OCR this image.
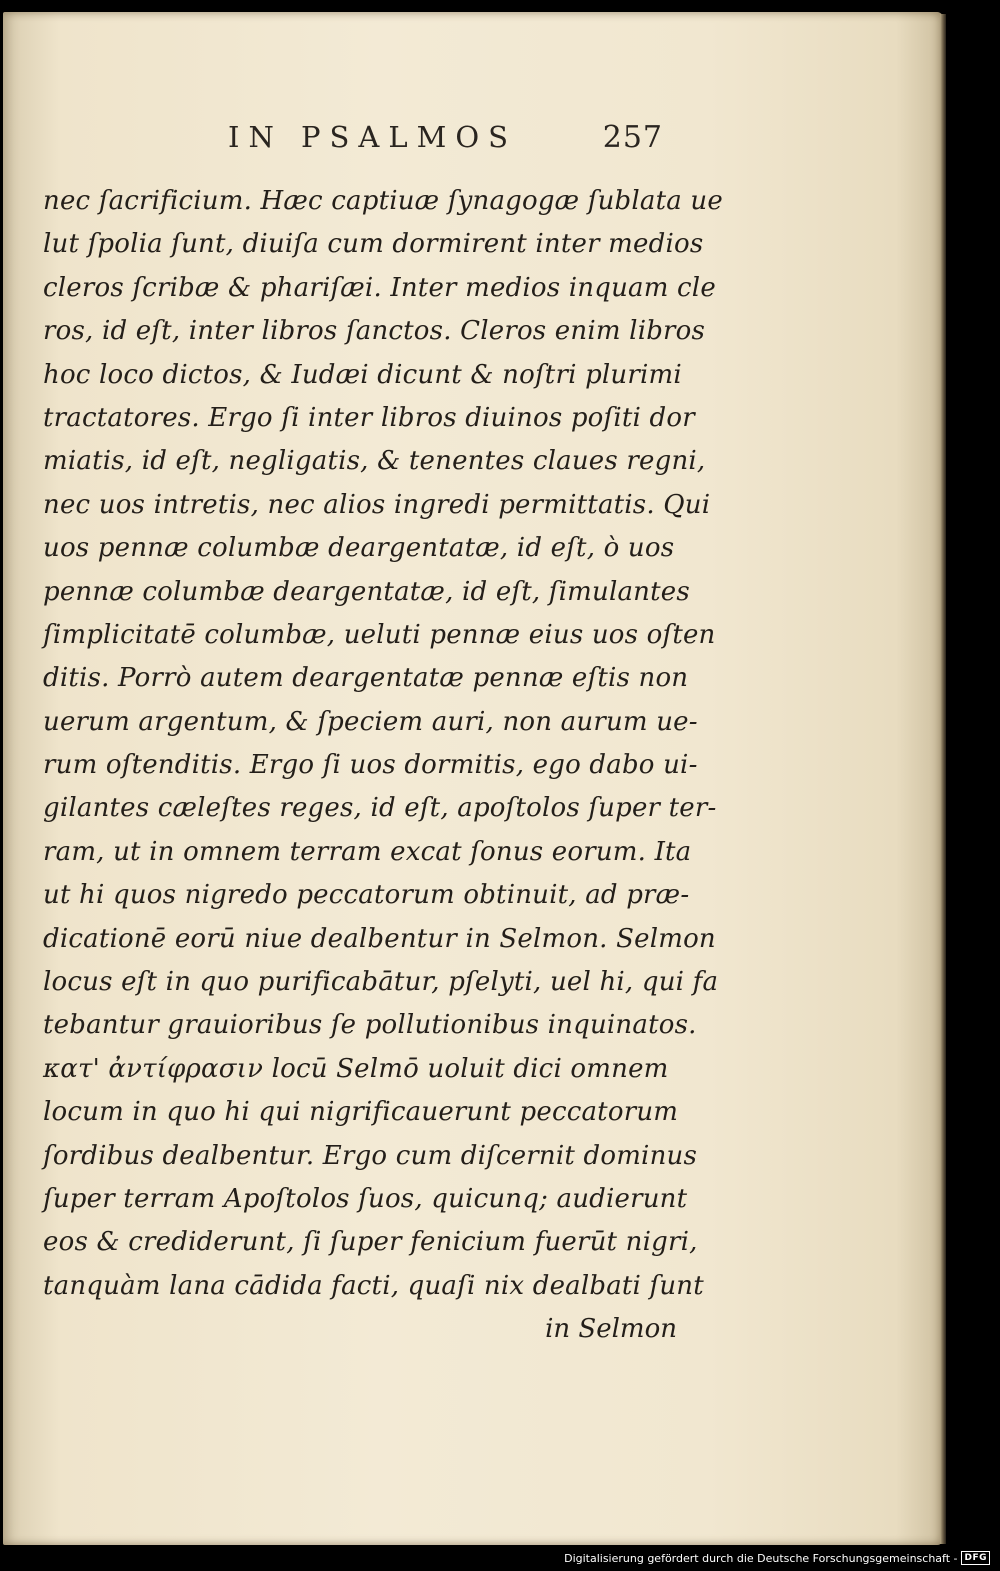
IN PSALMOS	257
nec ſacrificium. Hæc captiuæ ſynagogæ ſublata ue
lut ſpolia ſunt, diuiſa cum dormirent inter medios
cleros ſcribæ & phariſæi. Inter medios inquam cle
ros, id eſt, inter libros ſanctos. Cleros enim libros
hoc loco dictos, & Iudæi dicunt & noſtri plurimi
tractatores. Ergo ſi inter libros diuinos poſiti dor
miatis, id eſt, negligatis, & tenentes claues regni,
nec uos intretis, nec alios ingredi permittatis. Qui
uos pennæ columbæ deargentatæ, id eſt, ò uos
pennæ columbæ deargentatæ, id eſt, ſimulantes
ſimplicitatē columbæ, ueluti pennæ eius uos oſten
ditis. Porrò autem deargentatæ pennæ eſtis non
uerum argentum, & ſpeciem auri, non aurum ue-
rum oſtenditis. Ergo ſi uos dormitis, ego dabo ui-
gilantes cæleſtes reges, id eſt, apoſtolos ſuper ter-
ram, ut in omnem terram excat ſonus eorum. Ita
ut hi quos nigredo peccatorum obtinuit, ad præ-
dicationē eorū niue dealbentur in Selmon. Selmon
locus eſt in quo purificabātur, pſelyti, uel hi, qui fa
tebantur grauioribus ſe pollutionibus inquinatos.
κατ' ἀντίφρασιν locū Selmō uoluit dici omnem
locum in quo hi qui nigrificauerunt peccatorum
ſordibus dealbentur. Ergo cum diſcernit dominus
ſuper terram Apoſtolos ſuos, quicunq; audierunt
eos & crediderunt, ſi ſuper fenicium fuerūt nigri,
tanquàm lana cādida facti, quaſi nix dealbati ſunt
in Selmon
Digitalisierung gefördert durch die Deutsche Forschungsgemeinschaft - DFG
